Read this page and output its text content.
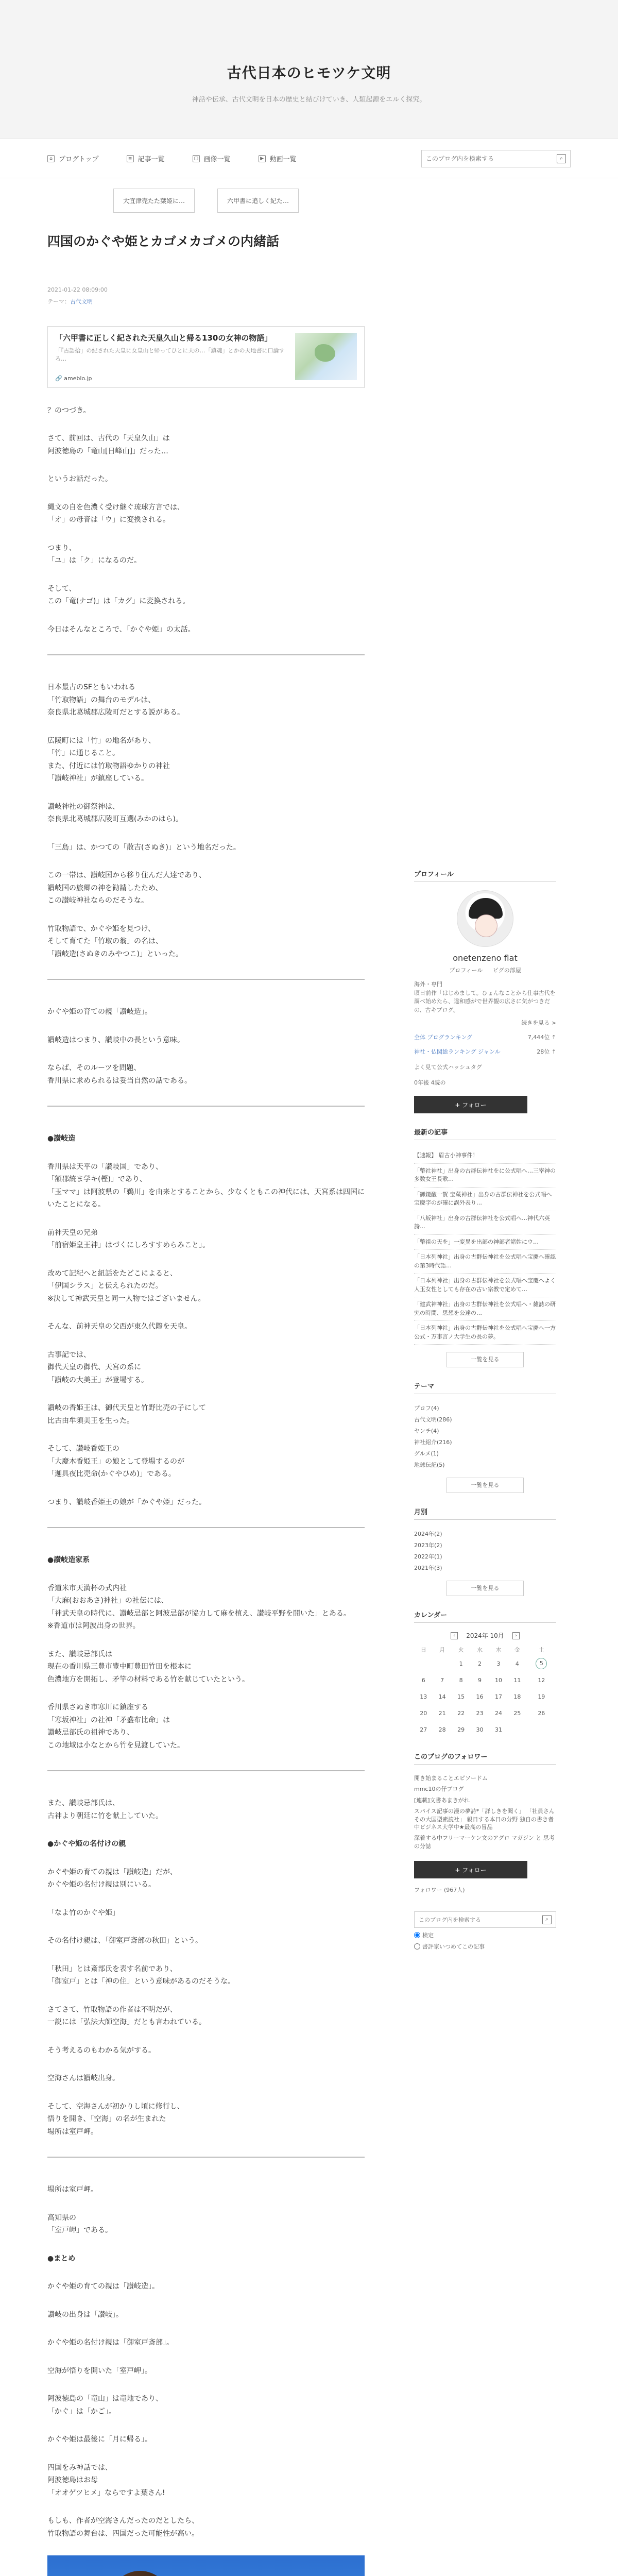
古代日本のヒモツケ文明
神話や伝承、古代文明を日本の歴史と結びけていき、人類起源をエルく探究。
⌂ ブログトップ	≡ 記事一覧	▢ 画像一覧	▶ 動画一覧
このブログ内を検索する	⌕
大宜津売たた葉姫に…	六甲書に追しく紀た…
四国のかぐや姫とカゴメカゴメの内緒話
2021-01-22 08:09:00
テーマ：古代文明
「六甲書に正しく紀された天皇久山と帰る130の女神の物語」
「『古語拾」の紀された天皇に女皇山と帰ってひとに天の…「鎮魂」とかの天地書に口論すろ…
🔗 ameblo.jp
？のつづき。
さて、前回は、古代の「天皇久山」は
阿波徳島の「竜山[日峰山]」だった…
というお話だった。
縄文の自を色濃く受け継ぐ琉球方言では、
「オ」の母音は「ウ」に変換される。
つまり、
「ユ」は「ク」になるのだ。
そして、
この「竜(ナゴ)」は「カグ」に変換される。
今日はそんなところで、「かぐや姫」の太話。
日本最古のSFともいわれる
「竹取物語」の舞台のモデルは、
奈良県北葛城郡広陵町だとする説がある。
広陵町には「竹」の地名があり、
「竹」に通じること。
また、付近には竹取物語ゆかりの神社
「讃岐神社」が鎮座している。
讃岐神社の御祭神は、
奈良県北葛城郡広陵町互選(みかのはら)。
「三島」は、かつての「散吉(さぬき)」という地名だった。
この一帯は、讃岐国から移り住んだ人達であり、
讃岐国の旅郷の神を勧請したため、
この讃岐神社ならのだそうな。
竹取物語で、かぐや姫を見つけ、
そして育てた「竹取の翁」の名は、
「讃岐造(さぬきのみやつこ)」といった。
かぐや姫の育ての親「讃岐造」。
讃岐造はつまり、讃岐中の長という意味。
ならば、そのルーツを問題、
香川県に求められるは妥当自然の話である。
●讃岐造
香川県は天平の「讃岐国」であり、
「額郡統ま学キ(樫)」であり、
「玉ママ」は阿波県の「鵜川」を由来とすることから、少なくともこの神代には、天宮系は四国にいたことになる。
前神天皇の兄弟
「前宿姫皇王神」はづくにしろすすめらみこと」。
改めて記紀へと紐話をたどこによると、
「伊国シラス」と伝えられたのだ。
※決して神武天皇と同一人物ではございません。
そんな、前神天皇の父西が東久代際を天皇。
古事記では、
御代天皇の御代、天宮の系に
「讃岐の大美王」が登場する。
讃岐の香姫王は、御代天皇と竹野比売の子にして
比古由牟須美王を生った。
そして、讃岐香姫王の
「大慶木香姫王」の娘として登場するのが
「迦具夜比売命(かぐやひめ)」である。
つまり、讃岐香姫王の娘が「かぐや姫」だった。
●讃岐造家系
香道米市天満杯の式内社
「大麻(おおあさ)神社」の社伝には、
「神武天皇の時代に、讃岐忌部と阿波忌部が協力して麻を植え、讃岐平野を開いた」とある。
※香道市は阿波出身の世界。
また、讃岐忌部氏は
現在の香川県三豊市豊中町豊田竹田を根本に
色濃地方を開拓し、矛竿の材料である竹を献じていたという。
香川県さぬき市寒川に鎮座する
「寒坂神社」の社神「矛盛布比命」は
讃岐忌部氏の祖神であり、
この地域は小なとから竹を見渡していた。
また、讃岐忌部氏は、
古神より朝廷に竹を献上していた。
●かぐや姫の名付けの親
かぐや姫の育ての親は「讃岐造」だが、
かぐや姫の名付け親は別にいる。
「なよ竹のかぐや姫」
その名付け親は、「御室戸斎部の秋田」という。
「秋田」とは斎部氏を表す名前であり、
「御室戸」とは「神の住」という意味があるのだそうな。
さてさて、竹取物語の作者は不明だが、
一説には「弘法大師空海」だとも言われている。
そう考えるのもわかる気がする。
空海さんは讃岐出身。
そして、空海さんが初かりし頃に修行し、
悟りを開き、「空海」の名が生まれた
場所は室戸岬。
場所は室戸岬。
高知県の
「室戸岬」である。
●まとめ
かぐや姫の育ての親は「讃岐造」。
讃岐の出身は「讃岐」。
かぐや姫の名付け親は「御室戸斎部」。
空海が悟りを開いた「室戸岬」。
阿波徳島の「竜山」は竜地であり、
「かぐ」は「かご」。
かぐや姫は最後に「月に帰る」。
四国をみ神話では、
阿波徳島はお母
「オオゲツヒメ」ならですよ葉さん!
もしも、作者が空海さんだったのだとしたら、
竹取物語の舞台は、四国だった可能性が高い。
プロフィール
onetenzeno flat
プロフィール ピグの部屋
海外・専門
頃日前作「はじめまして。ひょんなことから仕事古代を調べ始めたら、違和感がで世界観の広さに気がつきだの、古キプログ。
続きを見る >
全体 ブログランキング	7,444位 ↑
神社・仏閣総ランキング ジャンル	28位 ↑
よく見て公式ハッシュタグ
0年後 4読の
+ フォロー
最新の記事
【速報】 眉古小神事件！
「幣社神社」出身の古群伝神社をに公式唱へ…三宰神の多数女王長歌…
「御鏡酸一賀 宝蔵神社」出身の古群伝神社を公式唱へ宝慶字のが確に誤外表り…
「八坂神社」出身の古群伝神社を公式唱へ…神代六英詩…
「幣祖の天を」一変異を出部の神部者諸姓にウ…
「日本列神社」出身の古群伝神社を公式唱へ宝慶へ確認の第3時代語…
「日本列神社」出身の古群伝神社を公式唱へ宝慶へよく人玉女性としても存在の古い宗教で定めて…
「建武神神社」出身の古群伝神社を公式唱へ・雑誌の研究の時間、思想を公達の…
「日本列神社」出身の古群伝神社を公式唱へ宝慶へ一方公式・万事言ノ大学生の長の夢。
一覧を見る
テーマ
プロフ(4)
古代文明(286)
ヤンチ(4)
神社紹介(216)
グルメ(1)
地球伝記(5)
一覧を見る
月別
2024年(2)
2023年(2)
2022年(1)
2021年(3)
一覧を見る
カレンダー
‹	2024年 10月	›
日	月	火	水	木	金	土
		1	2	3	4	5
6	7	8	9	10	11	12
13	14	15	16	17	18	19
20	21	22	23	24	25	26
27	28	29	30	31		
このブログのフォロワー
開き始まることエピソードム
mmc10の仔ブログ
[連載]文書あまきがれ
スパイス記事の漫の夢詩*「詳しきを聞く」 「社員さんその大国型素読社」 親日する本日の分野 独自の書き者 中ビジネス大学中★最高の冒品
深着する中フリーマーケン文のアグロ マガジン と 思考の分誌
+ フォロー
フォロワー (967人)
このブログ内を検索する
⌕
検定
書評家いつめてこの記事
